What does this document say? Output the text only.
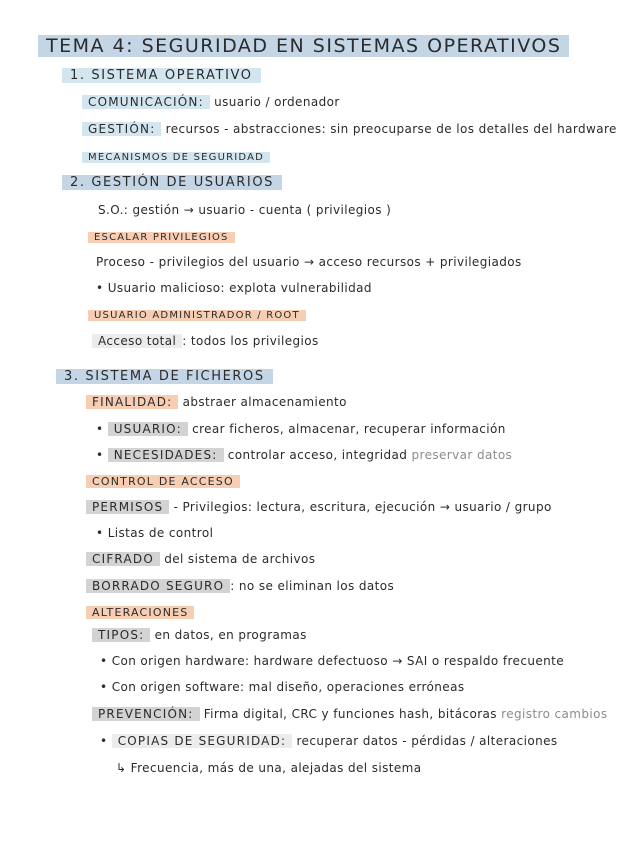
TEMA 4: SEGURIDAD EN SISTEMAS OPERATIVOS
1. SISTEMA OPERATIVO
COMUNICACIÓN: usuario / ordenador
GESTIÓN: recursos - abstracciones: sin preocuparse de los detalles del hardware
MECANISMOS DE SEGURIDAD
2. GESTIÓN DE USUARIOS
S.O.: gestión → usuario - cuenta ( privilegios )
ESCALAR PRIVILEGIOS
Proceso - privilegios del usuario → acceso recursos + privilegiados
• Usuario malicioso: explota vulnerabilidad
USUARIO ADMINISTRADOR / ROOT
Acceso total : todos los privilegios
3. SISTEMA DE FICHEROS
FINALIDAD: abstraer almacenamiento
• USUARIO: crear ficheros, almacenar, recuperar información
• NECESIDADES: controlar acceso, integridad preservar datos
CONTROL DE ACCESO
PERMISOS - Privilegios: lectura, escritura, ejecución → usuario / grupo
• Listas de control
CIFRADO del sistema de archivos
BORRADO SEGURO : no se eliminan los datos
ALTERACIONES
TIPOS: en datos, en programas
• Con origen hardware: hardware defectuoso → SAI o respaldo frecuente
• Con origen software: mal diseño, operaciones erróneas
PREVENCIÓN: Firma digital, CRC y funciones hash, bitácoras registro cambios
• COPIAS DE SEGURIDAD: recuperar datos - pérdidas / alteraciones
↳ Frecuencia, más de una, alejadas del sistema
